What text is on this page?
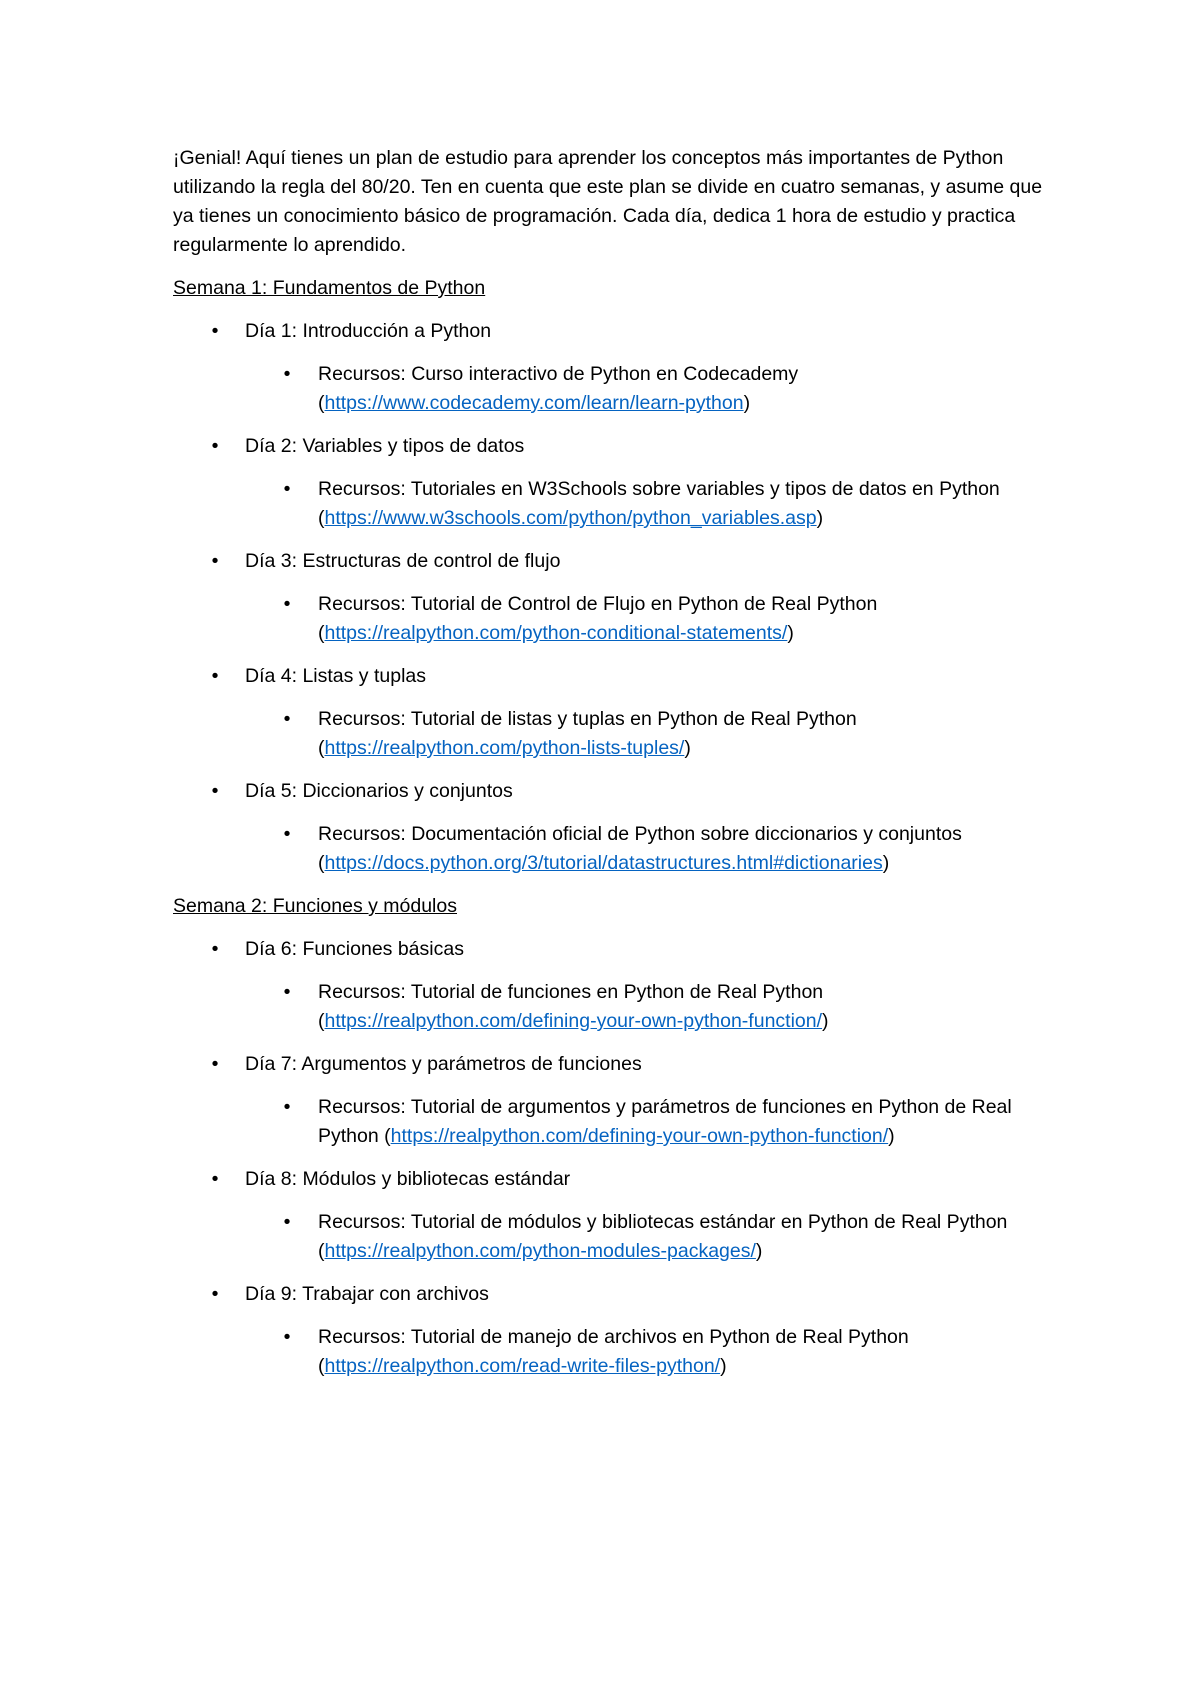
¡Genial! Aquí tienes un plan de estudio para aprender los conceptos más importantes de Python utilizando la regla del 80/20. Ten en cuenta que este plan se divide en cuatro semanas, y asume que ya tienes un conocimiento básico de programación. Cada día, dedica 1 hora de estudio y practica regularmente lo aprendido.

Semana 1: Fundamentos de Python
• Día 1: Introducción a Python
• Recursos: Curso interactivo de Python en Codecademy (https://www.codecademy.com/learn/learn-python)
• Día 2: Variables y tipos de datos
• Recursos: Tutoriales en W3Schools sobre variables y tipos de datos en Python (https://www.w3schools.com/python/python_variables.asp)
• Día 3: Estructuras de control de flujo
• Recursos: Tutorial de Control de Flujo en Python de Real Python (https://realpython.com/python-conditional-statements/)
• Día 4: Listas y tuplas
• Recursos: Tutorial de listas y tuplas en Python de Real Python (https://realpython.com/python-lists-tuples/)
• Día 5: Diccionarios y conjuntos
• Recursos: Documentación oficial de Python sobre diccionarios y conjuntos (https://docs.python.org/3/tutorial/datastructures.html#dictionaries)
Semana 2: Funciones y módulos
• Día 6: Funciones básicas
• Recursos: Tutorial de funciones en Python de Real Python (https://realpython.com/defining-your-own-python-function/)
• Día 7: Argumentos y parámetros de funciones
• Recursos: Tutorial de argumentos y parámetros de funciones en Python de Real Python (https://realpython.com/defining-your-own-python-function/)
• Día 8: Módulos y bibliotecas estándar
• Recursos: Tutorial de módulos y bibliotecas estándar en Python de Real Python (https://realpython.com/python-modules-packages/)
• Día 9: Trabajar con archivos
• Recursos: Tutorial de manejo de archivos en Python de Real Python (https://realpython.com/read-write-files-python/)
